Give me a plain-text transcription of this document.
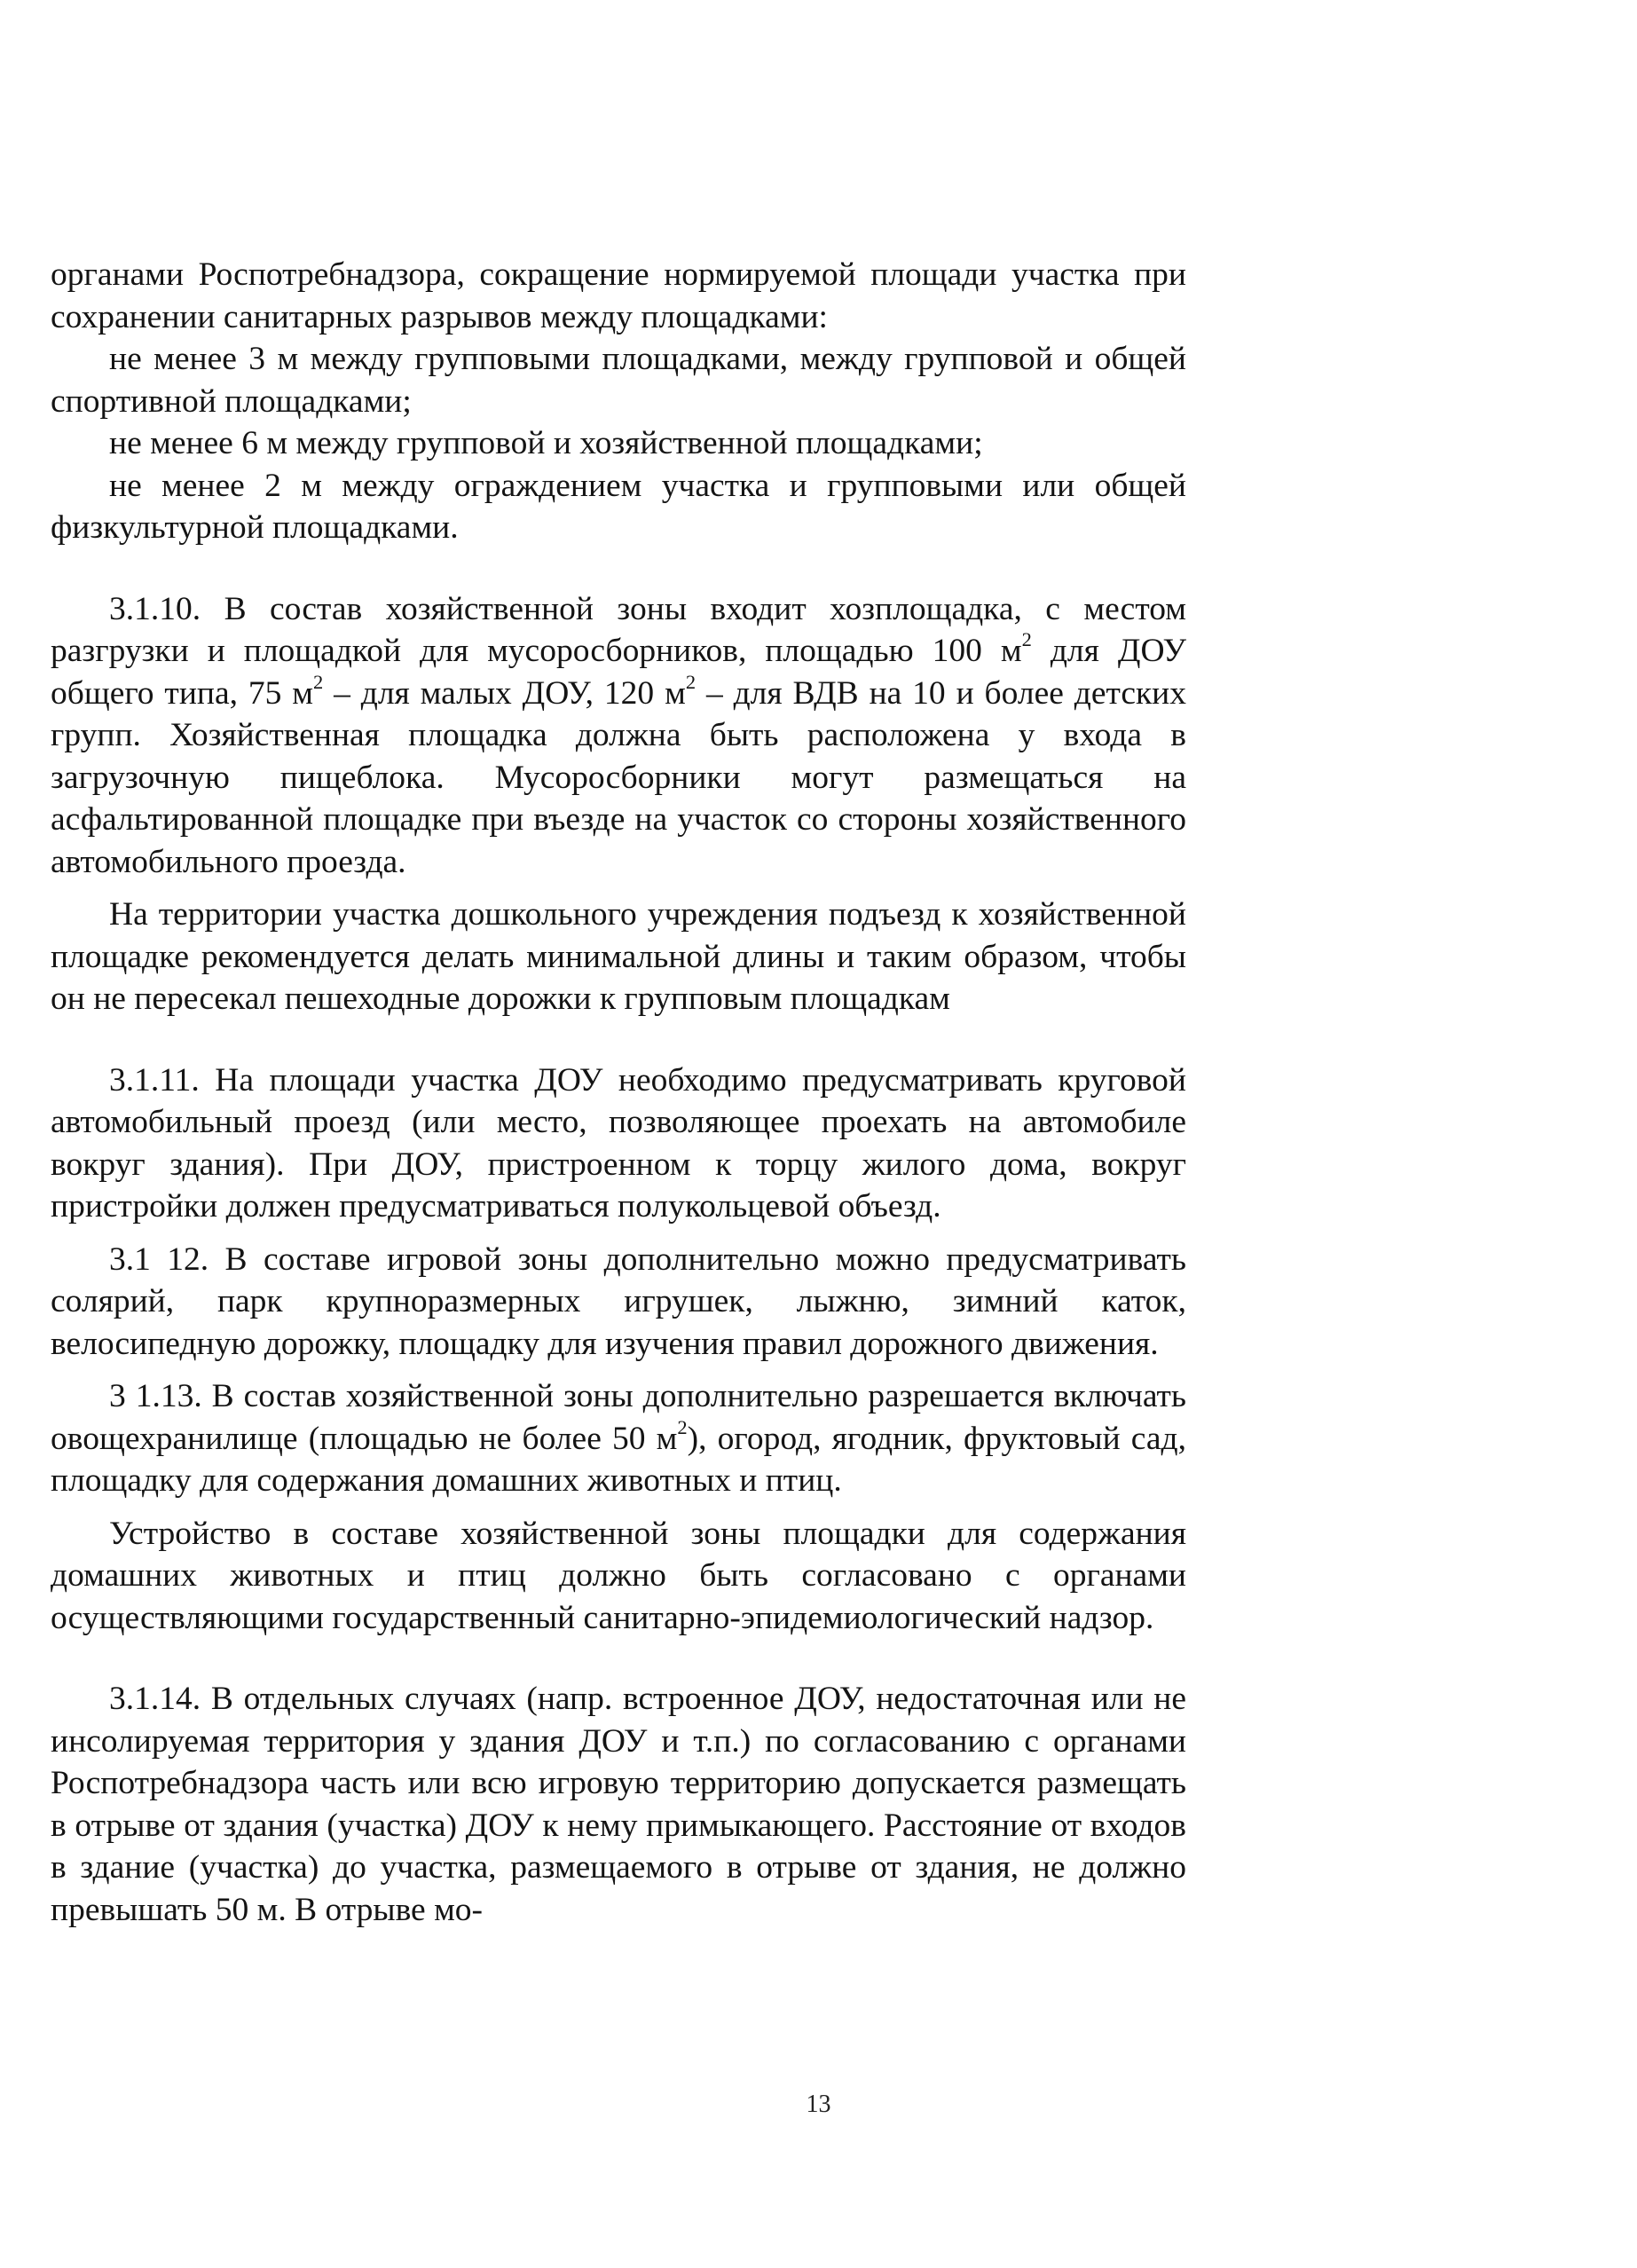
органами Роспотребнадзора, сокращение нормируемой площади участка при сохранении санитарных разрывов между площадками:

не менее 3 м между групповыми площадками, между групповой и общей спортивной площадками;

не менее 6 м между групповой и хозяйственной площадками;

не менее 2 м между ограждением участка и групповыми или общей физкультурной площадками.

3.1.10. В состав хозяйственной зоны входит хозплощадка, с местом разгрузки и площадкой для мусоросборников, площадью 100 $м^2$ для ДОУ общего типа, 75 $м^2$ – для малых ДОУ, 120 $м^2$ – для ВДВ на 10 и более детских групп. Хозяйственная площадка должна быть расположена у входа в загрузочную пищеблока. Мусоросборники могут размещаться на асфальтированной площадке при въезде на участок со стороны хозяйственного автомобильного проезда.

На территории участка дошкольного учреждения подъезд к хозяйственной площадке рекомендуется делать минимальной длины и таким образом, чтобы он не пересекал пешеходные дорожки к групповым площадкам

3.1.11. На площади участка ДОУ необходимо предусматривать круговой автомобильный проезд (или место, позволяющее проехать на автомобиле вокруг здания). При ДОУ, пристроенном к торцу жилого дома, вокруг пристройки должен предусматриваться полукольцевой объезд.

3.1 12. В составе игровой зоны дополнительно можно предусматривать солярий, парк крупноразмерных игрушек, лыжню, зимний каток, велосипедную дорожку, площадку для изучения правил дорожного движения.

3 1.13. В состав хозяйственной зоны дополнительно разрешается включать овощехранилище (площадью не более 50 $м^2$), огород, ягодник, фруктовый сад, площадку для содержания домашних животных и птиц.

Устройство в составе хозяйственной зоны площадки для содержания домашних животных и птиц должно быть согласовано с органами осуществляющими государственный санитарно-эпидемиологический надзор.

3.1.14. В отдельных случаях (напр. встроенное ДОУ, недостаточная или не инсолируемая территория у здания ДОУ и т.п.) по согласованию с органами Роспотребнадзора часть или всю игровую территорию допускается размещать в отрыве от здания (участка) ДОУ к нему примыкающего. Расстояние от входов в здание (участка) до участка, размещаемого в отрыве от здания, не должно превышать 50 м. В отрыве мо-

13
